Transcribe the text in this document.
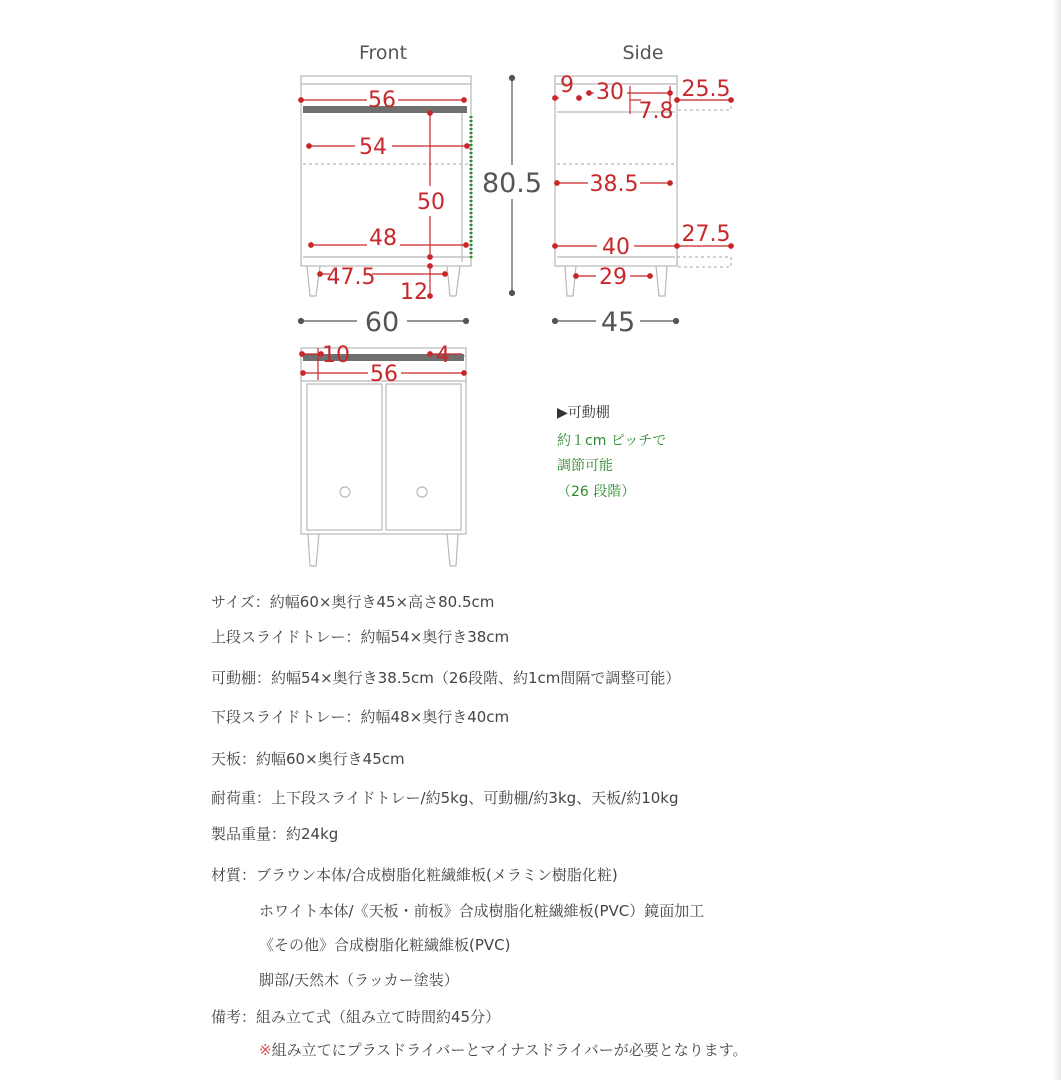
Front
56
54
50
48
47.5
12
60
80.5
Side
9 30
7.8
25.5
38.5
40
27.5
29
45
10	4
56
▶可動棚
約１cm ピッチで
調節可能
（26 段階）
サイズ：約幅60×奥行き45×高さ80.5cm
上段スライドトレー：約幅54×奥行き38cm
可動棚：約幅54×奥行き38.5cm（26段階、約1cm間隔で調整可能）
下段スライドトレー：約幅48×奥行き40cm
天板：約幅60×奥行き45cm
耐荷重：上下段スライドトレー/約5kg、可動棚/約3kg、天板/約10kg
製品重量：約24kg
材質：ブラウン本体/合成樹脂化粧繊維板(メラミン樹脂化粧)
ホワイト本体/《天板・前板》合成樹脂化粧繊維板(PVC）鏡面加工
《その他》合成樹脂化粧繊維板(PVC)
脚部/天然木（ラッカー塗装）
備考：組み立て式（組み立て時間約45分）
※組み立てにプラスドライバーとマイナスドライバーが必要となります。
